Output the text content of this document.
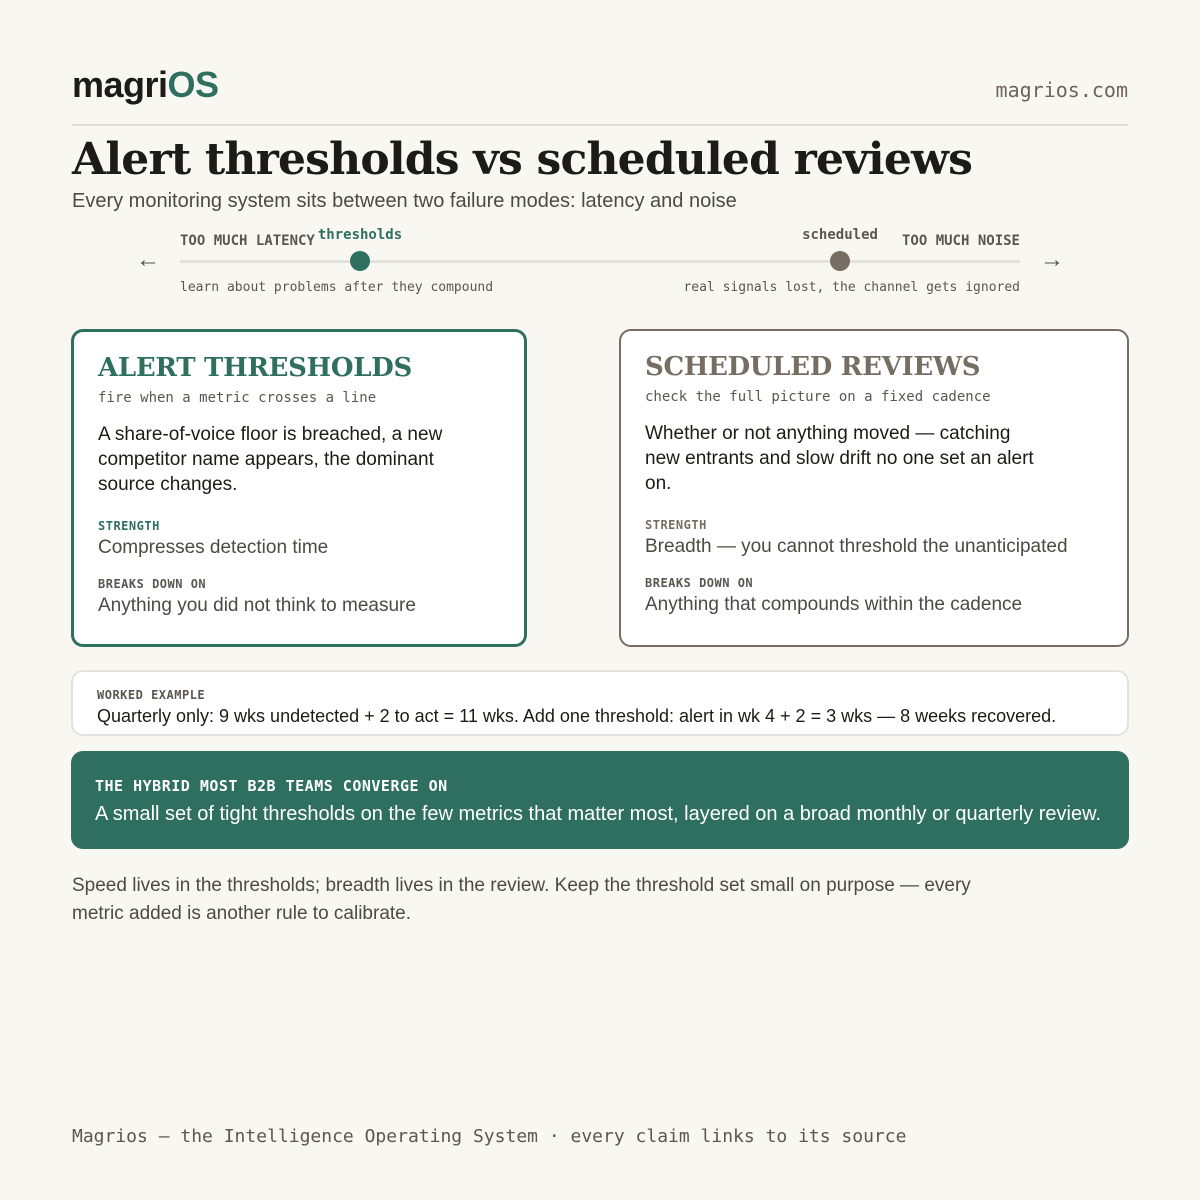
magriOS	magrios.com
Alert thresholds vs scheduled reviews
Every monitoring system sits between two failure modes: latency and noise
←	→
TOO MUCH LATENCY	TOO MUCH NOISE
thresholds	scheduled
learn about problems after they compound	real signals lost, the channel gets ignored
ALERT THRESHOLDS
fire when a metric crosses a line
A share-of-voice floor is breached, a new competitor name appears, the dominant source changes.
STRENGTH
Compresses detection time
BREAKS DOWN ON
Anything you did not think to measure
SCHEDULED REVIEWS
check the full picture on a fixed cadence
Whether or not anything moved — catching new entrants and slow drift no one set an alert on.
STRENGTH
Breadth — you cannot threshold the unanticipated
BREAKS DOWN ON
Anything that compounds within the cadence
WORKED EXAMPLE
Quarterly only: 9 wks undetected + 2 to act = 11 wks. Add one threshold: alert in wk 4 + 2 = 3 wks — 8 weeks recovered.
THE HYBRID MOST B2B TEAMS CONVERGE ON
A small set of tight thresholds on the few metrics that matter most, layered on a broad monthly or quarterly review.
Speed lives in the thresholds; breadth lives in the review. Keep the threshold set small on purpose — every metric added is another rule to calibrate.
Magrios — the Intelligence Operating System · every claim links to its source
